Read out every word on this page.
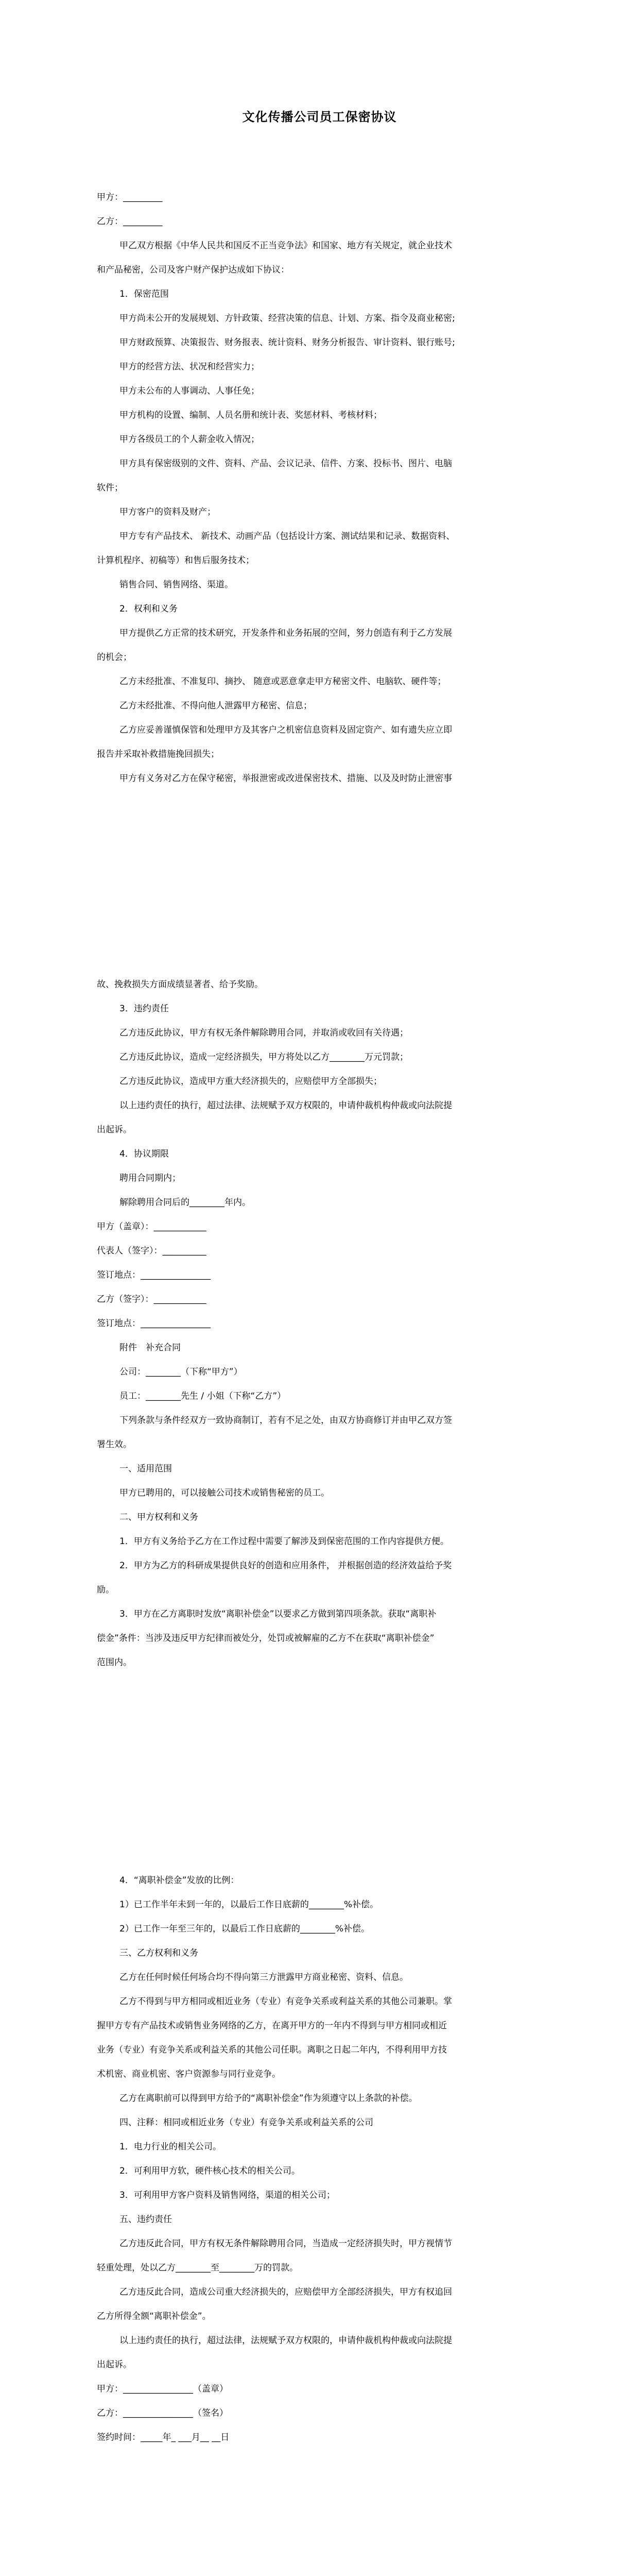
文化传播公司员工保密协议
甲方：_________
乙方：_________
甲乙双方根据《中华人民共和国反不正当竞争法》和国家、地方有关规定，就企业技术
和产品秘密，公司及客户财产保护达成如下协议：
1．保密范围
甲方尚未公开的发展规划、方针政策、经营决策的信息、计划、方案、指令及商业秘密;
甲方财政预算、决策报告、财务报表、统计资料、财务分析报告、审计资料、银行账号;
甲方的经营方法、状况和经营实力；
甲方未公布的人事调动、人事任免；
甲方机构的设置、编制、人员名册和统计表、奖惩材料、考核材料；
甲方各级员工的个人薪金收入情况；
甲方具有保密级别的文件、资料、产品、会议记录、信件、方案、投标书、图片、电脑
软件；
甲方客户的资料及财产；
甲方专有产品技术、 新技术、动画产品（包括设计方案、测试结果和记录、数据资料、
计算机程序、初稿等）和售后服务技术；
销售合同、销售网络、渠道。
2．权利和义务
甲方提供乙方正常的技术研究，开发条件和业务拓展的空间，努力创造有利于乙方发展
的机会；
乙方未经批准、不准复印、摘抄、 随意或恶意拿走甲方秘密文件、电脑软、硬件等；
乙方未经批准、不得向他人泄露甲方秘密、信息；
乙方应妥善谨慎保管和处理甲方及其客户之机密信息资料及固定资产、如有遗失应立即
报告并采取补救措施挽回损失；
甲方有义务对乙方在保守秘密，举报泄密或改进保密技术、措施、以及及时防止泄密事
故、挽救损失方面成绩显著者、给予奖励。
3．违约责任
乙方违反此协议，甲方有权无条件解除聘用合同，并取消或收回有关待遇；
乙方违反此协议，造成一定经济损失，甲方将处以乙方________万元罚款；
乙方违反此协议，造成甲方重大经济损失的，应赔偿甲方全部损失；
以上违约责任的执行，超过法律、法规赋予双方权限的，申请仲裁机构仲裁或向法院提
出起诉。
4．协议期限
聘用合同期内；
解除聘用合同后的________年内。
甲方（盖章）：____________
代表人（签字）：__________
签订地点：________________
乙方（签字）：____________
签订地点：________________
附件　补充合同
公司：________（下称“甲方”）
员工：________先生 / 小姐（下称“乙方”）
下列条款与条件经双方一致协商制订，若有不足之处，由双方协商修订并由甲乙双方签
署生效。
一、适用范围
甲方已聘用的，可以接触公司技术或销售秘密的员工。
二、甲方权利和义务
1．甲方有义务给予乙方在工作过程中需要了解涉及到保密范围的工作内容提供方便。
2．甲方为乙方的科研成果提供良好的创造和应用条件， 并根据创造的经济效益给予奖
励。
3．甲方在乙方离职时发放“离职补偿金”以要求乙方做到第四项条款。获取“离职补
偿金”条件：当涉及违反甲方纪律而被处分，处罚或被解雇的乙方不在获取“离职补偿金”
范围内。
4．“离职补偿金”发放的比例：
1）已工作半年未到一年的，以最后工作日底薪的________%补偿。
2）已工作一年至三年的，以最后工作日底薪的________%补偿。
三、乙方权利和义务
乙方在任何时候任何场合均不得向第三方泄露甲方商业秘密、资料、信息。
乙方不得到与甲方相同或相近业务（专业）有竞争关系或利益关系的其他公司兼职。掌
握甲方专有产品技术或销售业务网络的乙方，在离开甲方的一年内不得到与甲方相同或相近
业务（专业）有竞争关系或利益关系的其他公司任职。离职之日起二年内，不得利用甲方技
术机密、商业机密、客户资源参与同行业竞争。
乙方在离职前可以得到甲方给予的“离职补偿金”作为须遵守以上条款的补偿。
四、注释：相同或相近业务（专业）有竞争关系或利益关系的公司
1．电力行业的相关公司。
2．可利用甲方软，硬件核心技术的相关公司。
3．可利用甲方客户资料及销售网络，渠道的相关公司；
五、违约责任
乙方违反此合同，甲方有权无条件解除聘用合同，当造成一定经济损失时，甲方视情节
轻重处理，处以乙方________至________万的罚款。
乙方违反此合同，造成公司重大经济损失的，应赔偿甲方全部经济损失，甲方有权追回
乙方所得全额“离职补偿金”。
以上违约责任的执行，超过法律，法规赋予双方权限的，申请仲裁机构仲裁或向法院提
出起诉。
甲方：________________（盖章）
乙方：________________（签名）
签约时间：_____年_ ___月__ __日
